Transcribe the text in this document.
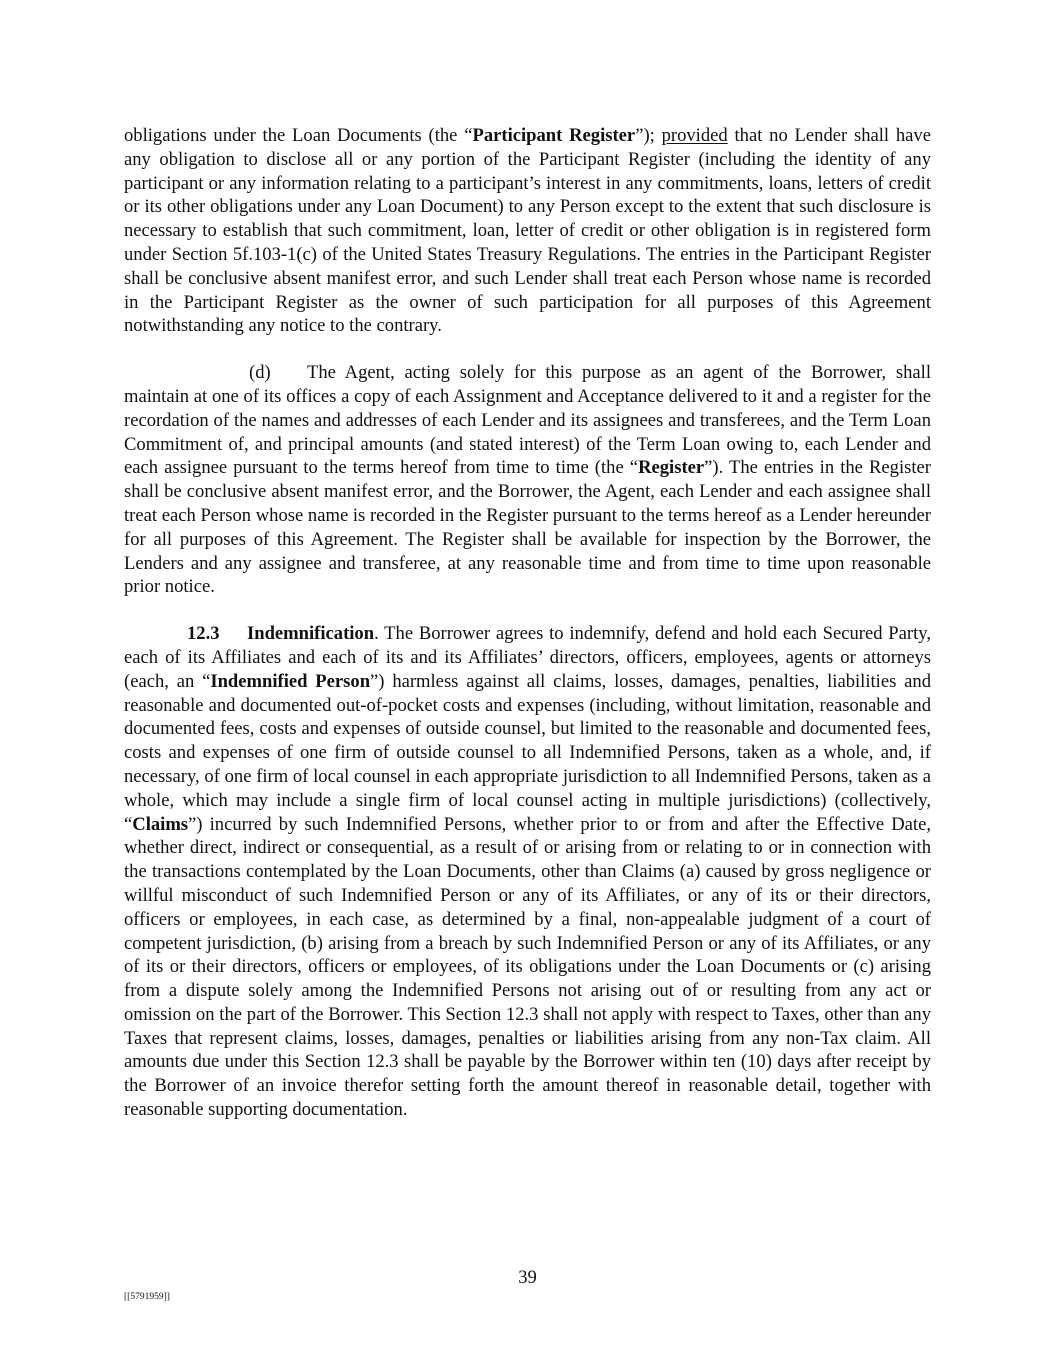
obligations under the Loan Documents (the “Participant Register”); provided that no Lender shall have any obligation to disclose all or any portion of the Participant Register (including the identity of any participant or any information relating to a participant’s interest in any commitments, loans, letters of credit or its other obligations under any Loan Document) to any Person except to the extent that such disclosure is necessary to establish that such commitment, loan, letter of credit or other obligation is in registered form under Section 5f.103-1(c) of the United States Treasury Regulations. The entries in the Participant Register shall be conclusive absent manifest error, and such Lender shall treat each Person whose name is recorded in the Participant Register as the owner of such participation for all purposes of this Agreement notwithstanding any notice to the contrary.

(d) The Agent, acting solely for this purpose as an agent of the Borrower, shall maintain at one of its offices a copy of each Assignment and Acceptance delivered to it and a register for the recordation of the names and addresses of each Lender and its assignees and transferees, and the Term Loan Commitment of, and principal amounts (and stated interest) of the Term Loan owing to, each Lender and each assignee pursuant to the terms hereof from time to time (the “Register”). The entries in the Register shall be conclusive absent manifest error, and the Borrower, the Agent, each Lender and each assignee shall treat each Person whose name is recorded in the Register pursuant to the terms hereof as a Lender hereunder for all purposes of this Agreement. The Register shall be available for inspection by the Borrower, the Lenders and any assignee and transferee, at any reasonable time and from time to time upon reasonable prior notice.

12.3 Indemnification. The Borrower agrees to indemnify, defend and hold each Secured Party, each of its Affiliates and each of its and its Affiliates’ directors, officers, employees, agents or attorneys (each, an “Indemnified Person”) harmless against all claims, losses, damages, penalties, liabilities and reasonable and documented out-of-pocket costs and expenses (including, without limitation, reasonable and documented fees, costs and expenses of outside counsel, but limited to the reasonable and documented fees, costs and expenses of one firm of outside counsel to all Indemnified Persons, taken as a whole, and, if necessary, of one firm of local counsel in each appropriate jurisdiction to all Indemnified Persons, taken as a whole, which may include a single firm of local counsel acting in multiple jurisdictions) (collectively, “Claims”) incurred by such Indemnified Persons, whether prior to or from and after the Effective Date, whether direct, indirect or consequential, as a result of or arising from or relating to or in connection with the transactions contemplated by the Loan Documents, other than Claims (a) caused by gross negligence or willful misconduct of such Indemnified Person or any of its Affiliates, or any of its or their directors, officers or employees, in each case, as determined by a final, non-appealable judgment of a court of competent jurisdiction, (b) arising from a breach by such Indemnified Person or any of its Affiliates, or any of its or their directors, officers or employees, of its obligations under the Loan Documents or (c) arising from a dispute solely among the Indemnified Persons not arising out of or resulting from any act or omission on the part of the Borrower. This Section 12.3 shall not apply with respect to Taxes, other than any Taxes that represent claims, losses, damages, penalties or liabilities arising from any non-Tax claim. All amounts due under this Section 12.3 shall be payable by the Borrower within ten (10) days after receipt by the Borrower of an invoice therefor setting forth the amount thereof in reasonable detail, together with reasonable supporting documentation.

39
[[5791959]]
